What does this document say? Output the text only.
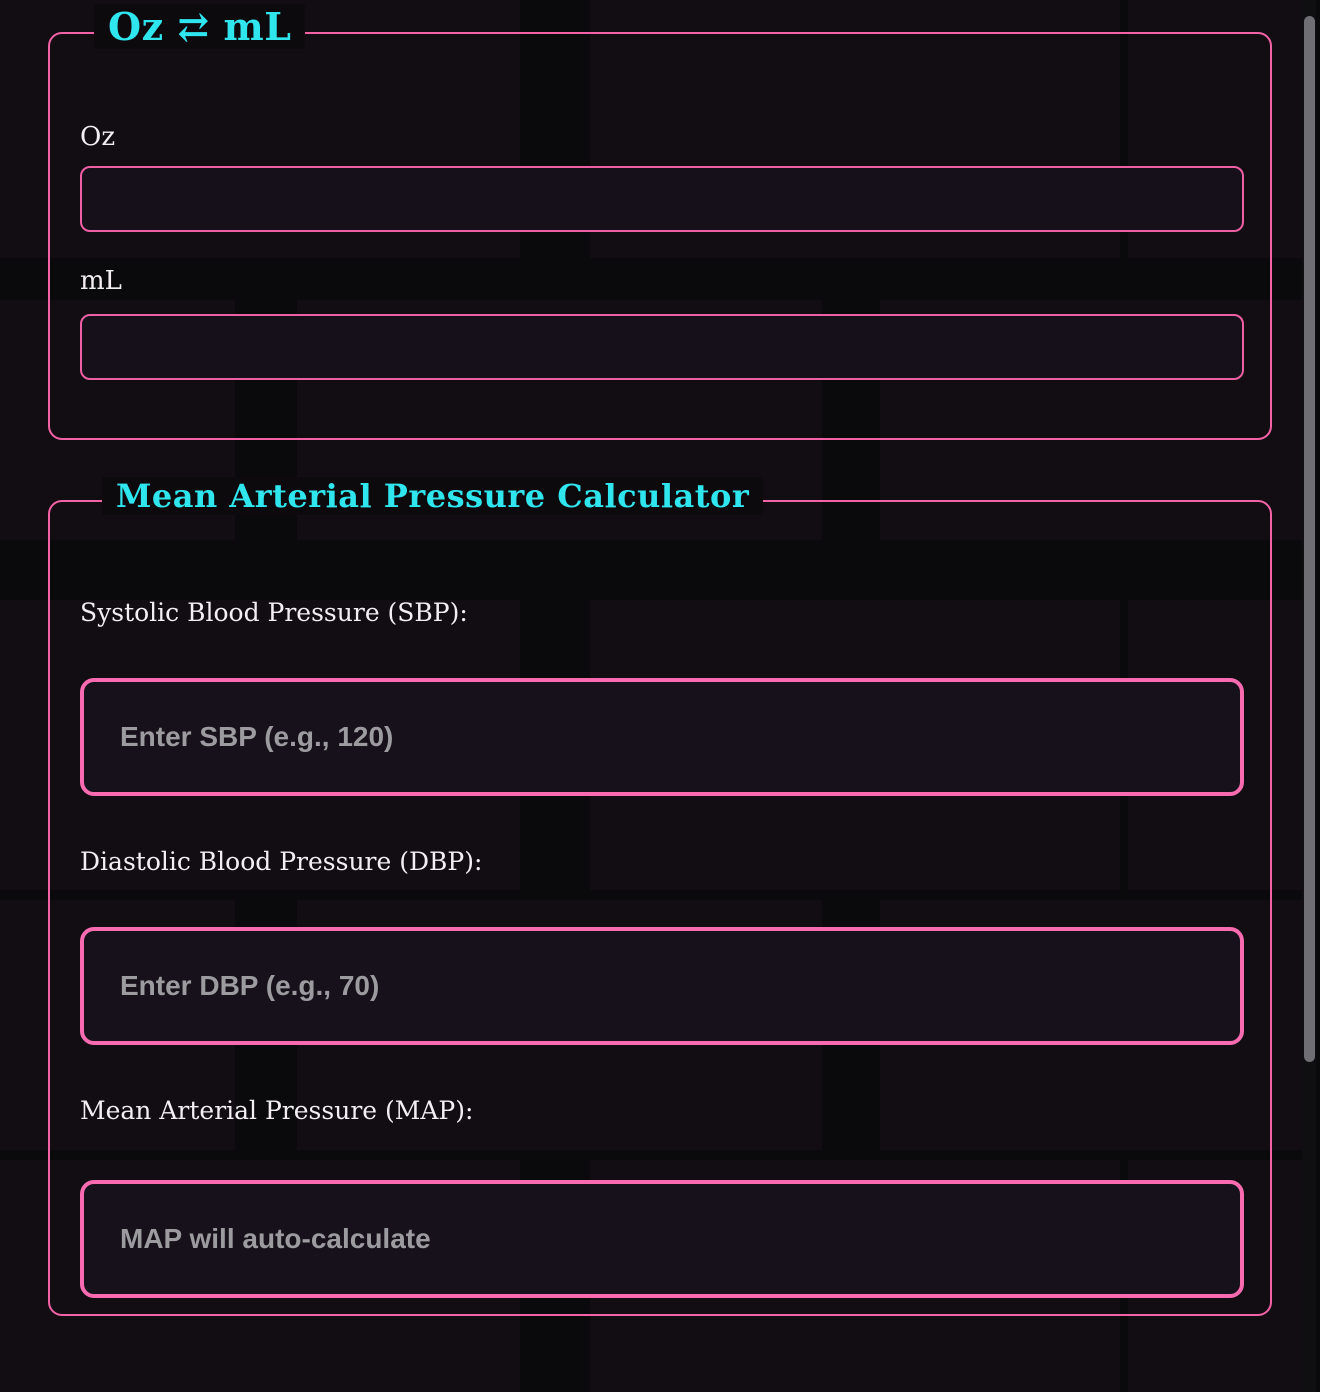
Oz ⇄ mL
Oz
mL
Mean Arterial Pressure Calculator
Systolic Blood Pressure (SBP):
Enter SBP (e.g., 120)
Diastolic Blood Pressure (DBP):
Enter DBP (e.g., 70)
Mean Arterial Pressure (MAP):
MAP will auto-calculate
